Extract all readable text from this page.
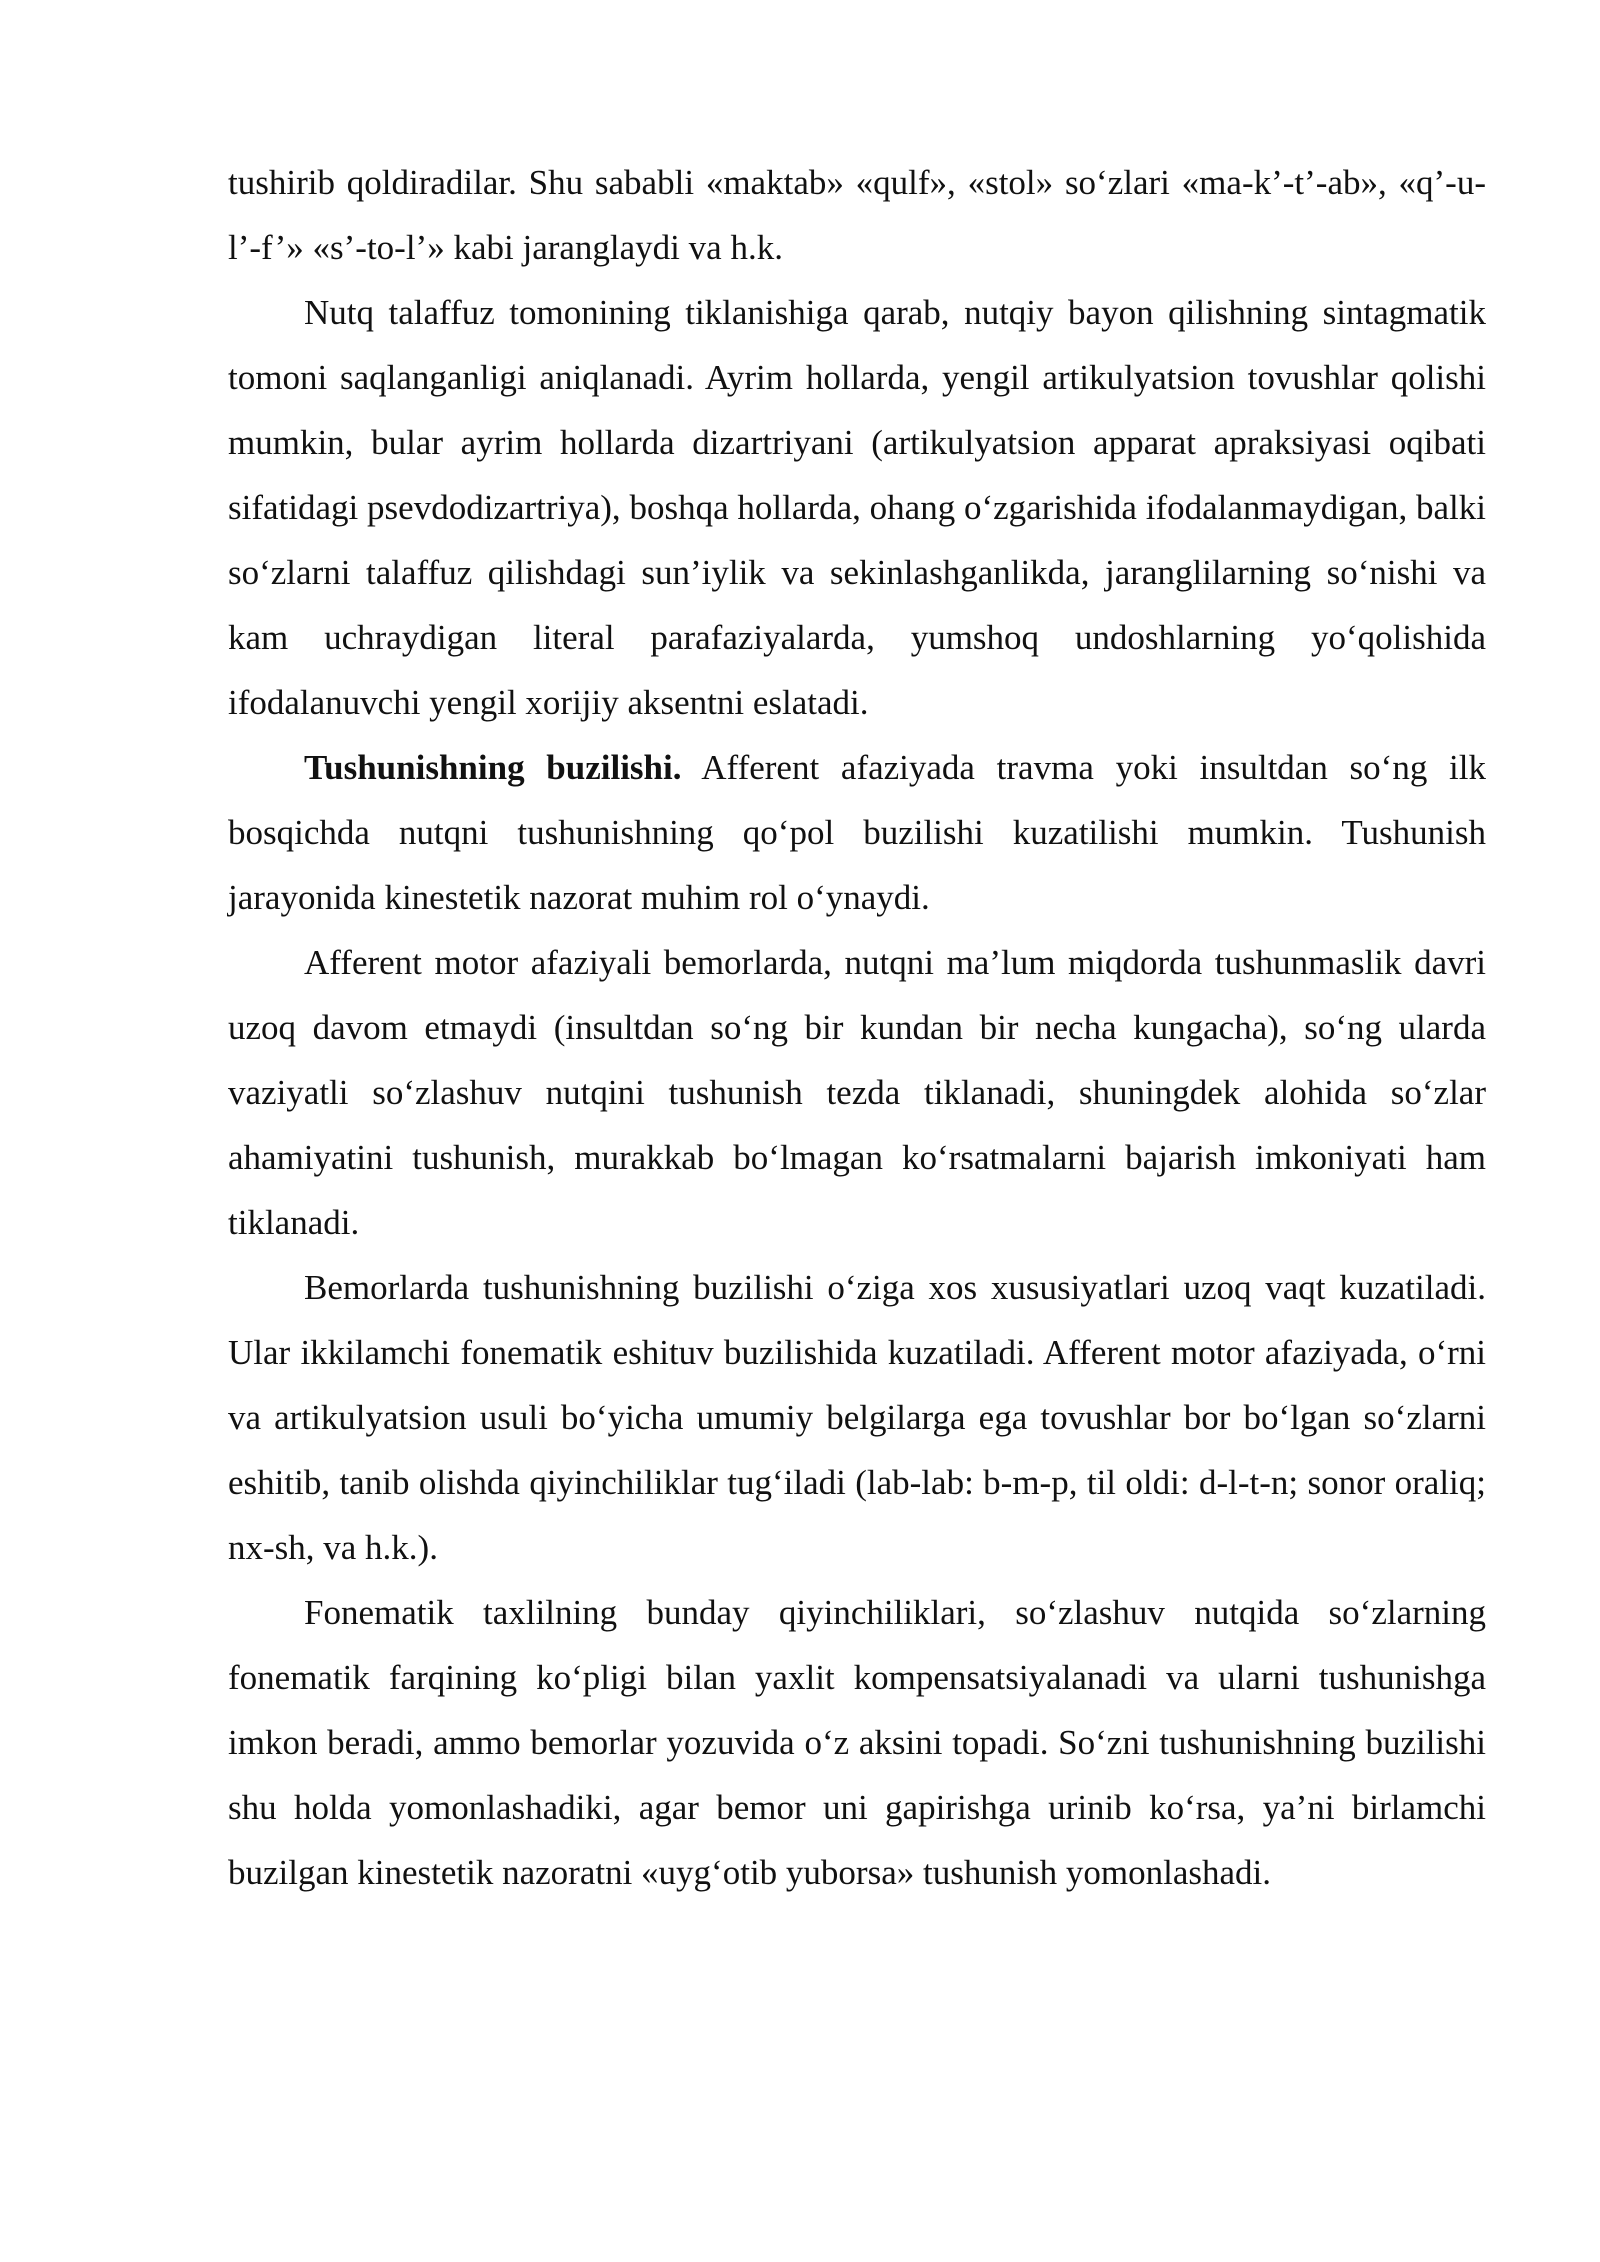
tushirib qoldiradilar. Shu sababli «maktab» «qulf», «stol» so‘zlari «ma-k’-t’-ab», «q’-u-l’-f’» «s’-to-l’» kabi jaranglaydi va h.k.

Nutq talaffuz tomonining tiklanishiga qarab, nutqiy bayon qilishning sintagmatik tomoni saqlanganligi aniqlanadi. Ayrim hollarda, yengil artikulyatsion tovushlar qolishi mumkin, bular ayrim hollarda dizartriyani (artikulyatsion apparat apraksiyasi oqibati sifatidagi psevdodizartriya), boshqa hollarda, ohang o‘zgarishida ifodalanmaydigan, balki so‘zlarni talaffuz qilishdagi sun’iylik va sekinlashganlikda, jaranglilarning so‘nishi va kam uchraydigan literal parafaziyalarda, yumshoq undoshlarning yo‘qolishida ifodalanuvchi yengil xorijiy aksentni eslatadi.

Tushunishning buzilishi. Afferent afaziyada travma yoki insultdan so‘ng ilk bosqichda nutqni tushunishning qo‘pol buzilishi kuzatilishi mumkin. Tushunish jarayonida kinestetik nazorat muhim rol o‘ynaydi.

Afferent motor afaziyali bemorlarda, nutqni ma’lum miqdorda tushunmaslik davri uzoq davom etmaydi (insultdan so‘ng bir kundan bir necha kungacha), so‘ng ularda vaziyatli so‘zlashuv nutqini tushunish tezda tiklanadi, shuningdek alohida so‘zlar ahamiyatini tushunish, murakkab bo‘lmagan ko‘rsatmalarni bajarish imkoniyati ham tiklanadi.

Bemorlarda tushunishning buzilishi o‘ziga xos xususiyatlari uzoq vaqt kuzatiladi. Ular ikkilamchi fonematik eshituv buzilishida kuzatiladi. Afferent motor afaziyada, o‘rni va artikulyatsion usuli bo‘yicha umumiy belgilarga ega tovushlar bor bo‘lgan so‘zlarni eshitib, tanib olishda qiyinchiliklar tug‘iladi (lab-lab: b-m-p, til oldi: d-l-t-n; sonor oraliq; nx-sh, va h.k.).

Fonematik taxlilning bunday qiyinchiliklari, so‘zlashuv nutqida so‘zlarning fonematik farqining ko‘pligi bilan yaxlit kompensatsiyalanadi va ularni tushunishga imkon beradi, ammo bemorlar yozuvida o‘z aksini topadi. So‘zni tushunishning buzilishi shu holda yomonlashadiki, agar bemor uni gapirishga urinib ko‘rsa, ya’ni birlamchi buzilgan kinestetik nazoratni «uyg‘otib yuborsa» tushunish yomonlashadi.
